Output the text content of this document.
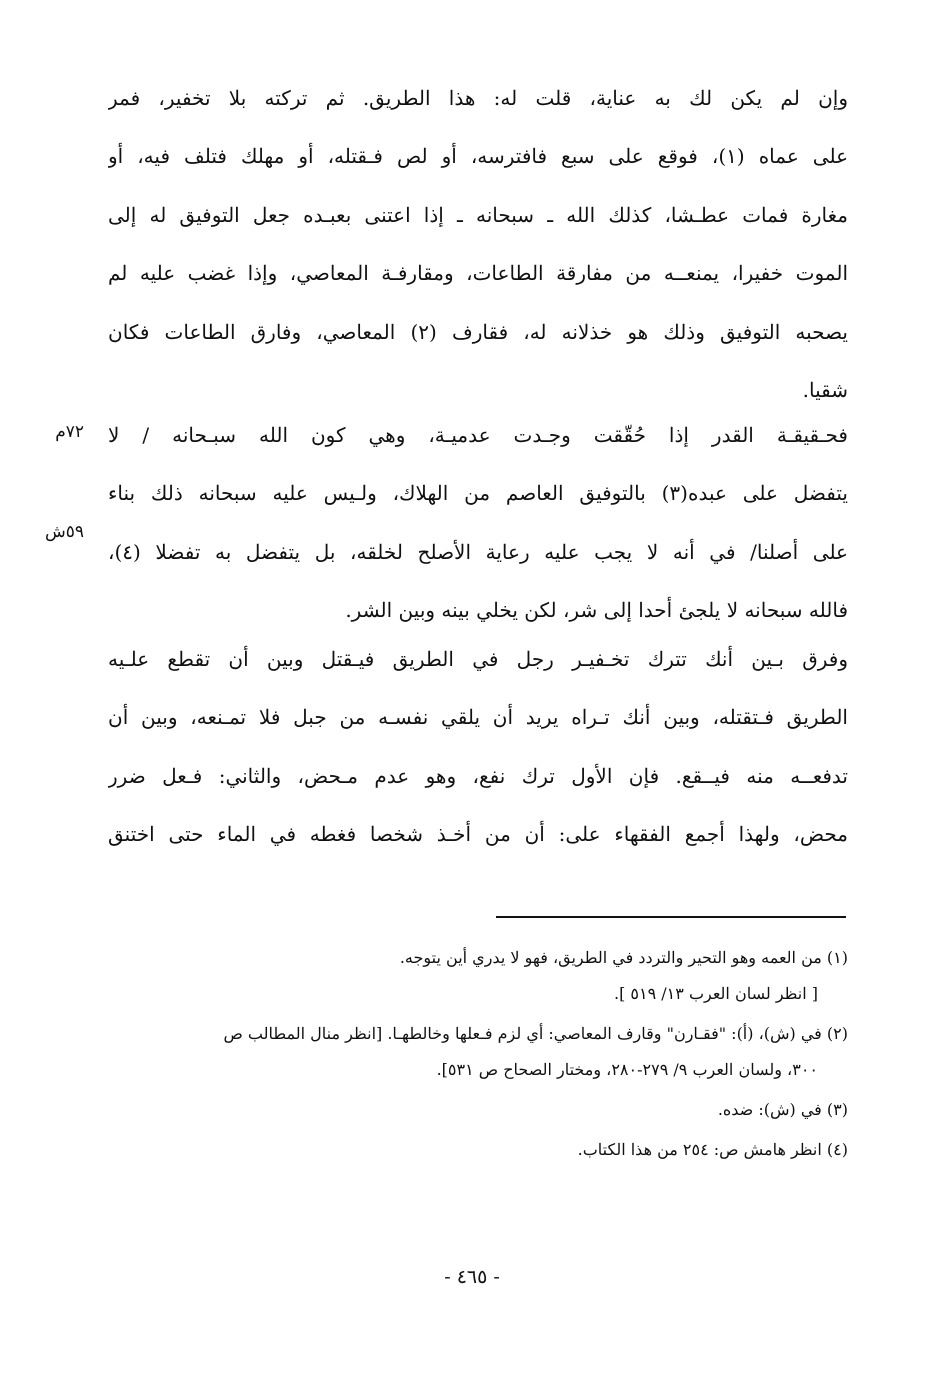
وإن لم يكن لك به عناية، قلت له: هذا الطريق. ثم تركته بلا تخفير، فمر
على عماه (١)، فوقع على سبع فافترسه، أو لص فـقتله، أو مهلك فتلف فيه، أو
مغارة فمات عطـشا، كذلك الله ـ سبحانه ـ إذا اعتنى بعبـده جعل التوفيق له إلى
الموت خفيرا، يمنعــه من مفارقة الطاعات، ومقارفـة المعاصي، وإذا غضب عليه لم
يصحبه التوفيق وذلك هو خذلانه له، فقارف (٢) المعاصي، وفارق الطاعات فكان
شقيا.
فحـقيقـة القدر إذا حُقّقت وجـدت عدميـة، وهي كون الله سبـحانه / لا
يتفضل على عبده(٣) بالتوفيق العاصم من الهلاك، ولـيس عليه سبحانه ذلك بناء
على أصلنا/ في أنه لا يجب عليه رعاية الأصلح لخلقه، بل يتفضل به تفضلا (٤)،
فالله سبحانه لا يلجئ أحدا إلى شر، لكن يخلي بينه وبين الشر.
٧٢م
٥٩ش
وفرق بـين أنك تترك تخـفيـر رجل في الطريق فيـقتل وبين أن تقطع علـيه
الطريق فـتقتله، وبين أنك تـراه يريد أن يلقي نفسـه من جبل فلا تمـنعه، وبين أن
تدفعــه منه فيــقع. فإن الأول ترك نفع، وهو عدم مـحض، والثاني: فـعل ضرر
محض، ولهذا أجمع الفقهاء على: أن من أخـذ شخصا فغطه في الماء حتى اختنق
(١) من العمه وهو التحير والتردد في الطريق، فهو لا يدري أين يتوجه.
[ انظر لسان العرب ١٣/ ٥١٩ ].
(٢) في (ش)، (أ): "فقـارن" وقارف المعاصي: أي لزم فـعلها وخالطهـا. [انظر منال المطالب ص
٣٠٠، ولسان العرب ٩/ ٢٧٩-٢٨٠، ومختار الصحاح ص ٥٣١].
(٣) في (ش): ضده.
(٤) انظر هامش ص: ٢٥٤ من هذا الكتاب.
- ٤٦٥ -
